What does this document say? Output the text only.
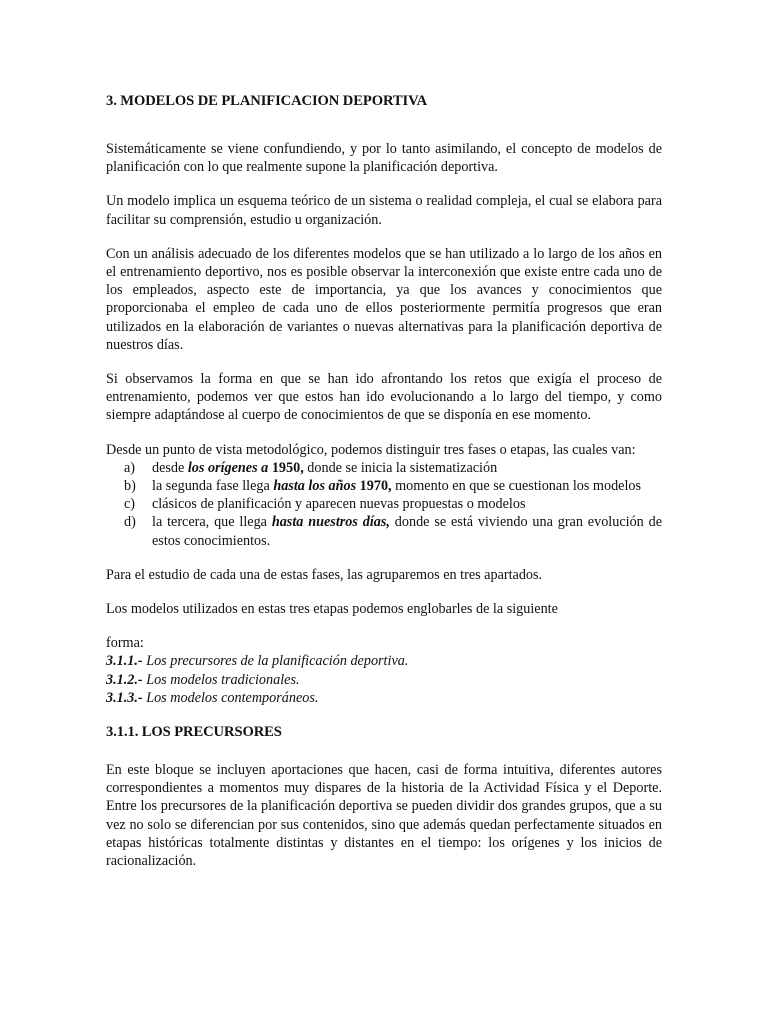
3. MODELOS DE PLANIFICACION DEPORTIVA

Sistemáticamente se viene confundiendo, y por lo tanto asimilando, el concepto de modelos de planificación con lo que realmente supone la planificación deportiva.

Un modelo implica un esquema teórico de un sistema o realidad compleja, el cual se elabora para facilitar su comprensión, estudio u organización.

Con un análisis adecuado de los diferentes modelos que se han utilizado a lo largo de los años en el entrenamiento deportivo, nos es posible observar la interconexión que existe entre cada uno de los empleados, aspecto este de importancia, ya que los avances y conocimientos que proporcionaba el empleo de cada uno de ellos posteriormente permitía progresos que eran utilizados en la elaboración de variantes o nuevas alternativas para la planificación deportiva de nuestros días.

Si observamos la forma en que se han ido afrontando los retos que exigía el proceso de entrenamiento, podemos ver que estos han ido evolucionando a lo largo del tiempo, y como siempre adaptándose al cuerpo de conocimientos de que se disponía en ese momento.

Desde un punto de vista metodológico, podemos distinguir tres fases o etapas, las cuales van:

a) desde los orígenes a 1950, donde se inicia la sistematización
b) la segunda fase llega hasta los años 1970, momento en que se cuestionan los modelos
c) clásicos de planificación y aparecen nuevas propuestas o modelos
d) la tercera, que llega hasta nuestros días, donde se está viviendo una gran evolución de estos conocimientos.

Para el estudio de cada una de estas fases, las agruparemos en tres apartados.

Los modelos utilizados en estas tres etapas podemos englobarles de la siguiente

forma:
3.1.1.- Los precursores de la planificación deportiva.
3.1.2.- Los modelos tradicionales.
3.1.3.- Los modelos contemporáneos.
3.1.1. LOS PRECURSORES

En este bloque se incluyen aportaciones que hacen, casi de forma intuitiva, diferentes autores correspondientes a momentos muy dispares de la historia de la Actividad Física y el Deporte. Entre los precursores de la planificación deportiva se pueden dividir dos grandes grupos, que a su vez no solo se diferencian por sus contenidos, sino que además quedan perfectamente situados en etapas históricas totalmente distintas y distantes en el tiempo: los orígenes y los inicios de racionalización.
